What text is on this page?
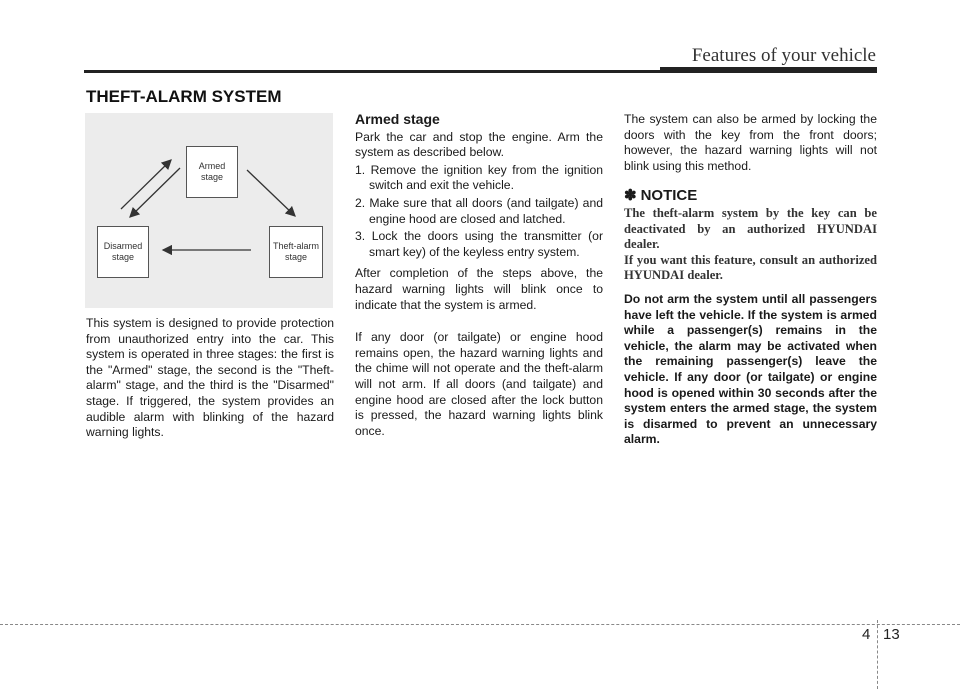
Features of your vehicle
THEFT-ALARM SYSTEM
Armed
stage
Theft-alarm
stage
Disarmed
stage

This system is designed to provide protection from unauthorized entry into the car. This system is operated in three stages: the first is the "Armed" stage, the second is the "Theft-alarm" stage, and the third is the "Disarmed" stage. If triggered, the system provides an audible alarm with blinking of the hazard warning lights.

Armed stage

Park the car and stop the engine. Arm the system as described below.

1. Remove the ignition key from the ignition switch and exit the vehicle.
2. Make sure that all doors (and tailgate) and engine hood are closed and latched.
3. Lock the doors using the transmitter (or smart key) of the keyless entry system.

After completion of the steps above, the hazard warning lights will blink once to indicate that the system is armed.

If any door (or tailgate) or engine hood remains open, the hazard warning lights and the chime will not operate and the theft-alarm will not arm. If all doors (and tailgate) and engine hood are closed after the lock button is pressed, the hazard warning lights blink once.

The system can also be armed by locking the doors with the key from the front doors; however, the hazard warning lights will not blink using this method.

✽ NOTICE
The theft-alarm system by the key can be deactivated by an authorized HYUNDAI dealer.
If you want this feature, consult an authorized HYUNDAI dealer.

Do not arm the system until all passengers have left the vehicle. If the system is armed while a passenger(s) remains in the vehicle, the alarm may be activated when the remaining passenger(s) leave the vehicle. If any door (or tailgate) or engine hood is opened within 30 seconds after the system enters the armed stage, the system is disarmed to prevent an unnecessary alarm.

4 13
